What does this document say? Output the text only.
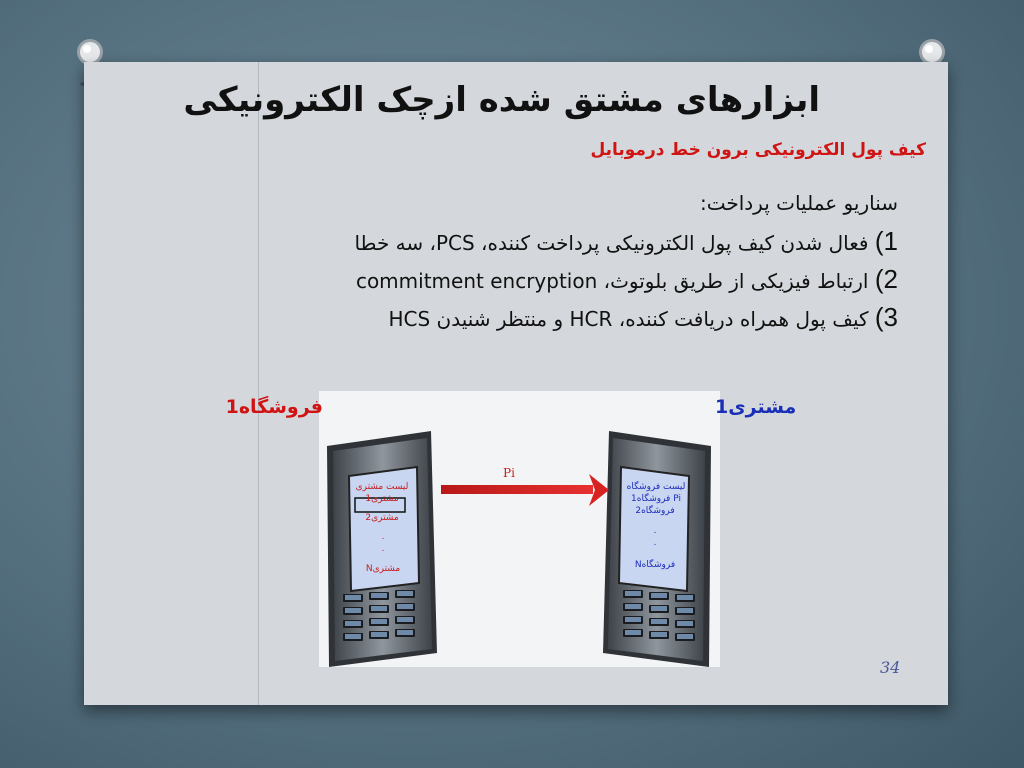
ابزارهای مشتق شده ازچک الکترونیکی
کیف پول الکترونیکی برون خط درموبایل
سناریو عملیات پرداخت:
1) فعال شدن کیف پول الکترونیکی پرداخت کننده، PCS، سه خطا
2) ارتباط فیزیکی از طریق بلوتوث، commitment encryption
3) کیف پول همراه دریافت کننده، HCR و منتظر شنیدن HCS
لیست مشتری
مشتری1
مشتری2
.
.
مشتریN
لیست فروشگاه
Pi فروشگاه1
فروشگاه2
.
.
فروشگاهN
Pi
فروشگاه1	مشتری1
34
